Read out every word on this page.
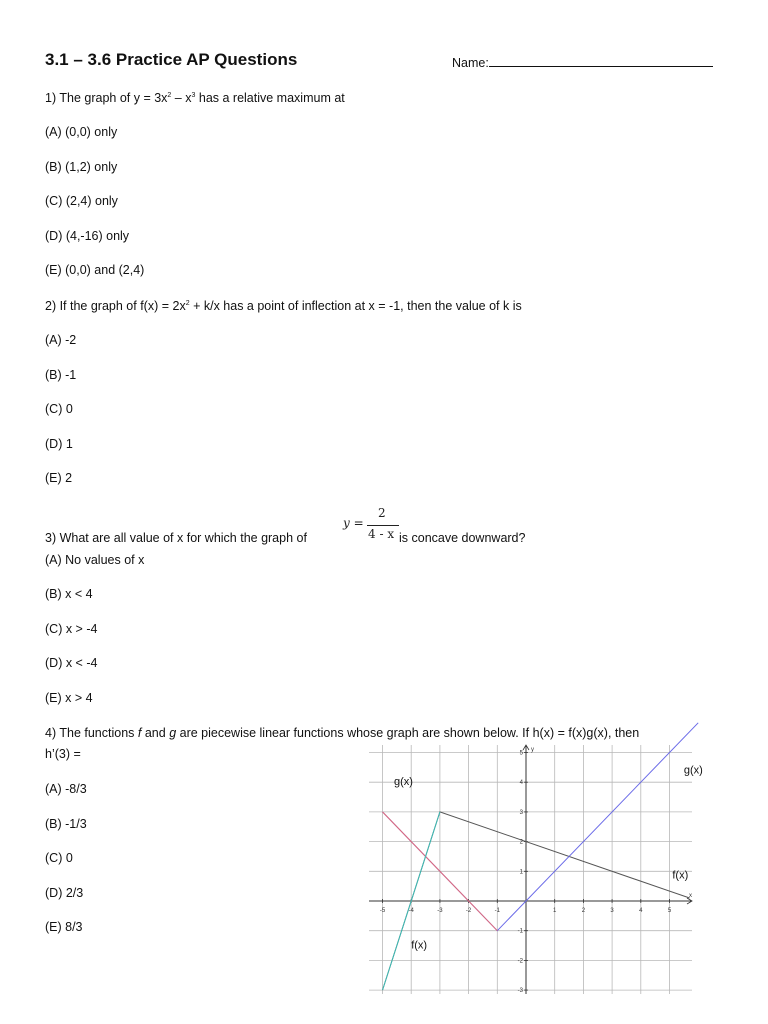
3.1 – 3.6 Practice AP Questions	Name:
1) The graph of $y = 3x^2 - x^3$ has a relative maximum at
(A) (0,0) only
(B) (1,2) only
(C) (2,4) only
(D) (4,-16) only
(E) (0,0) and (2,4)
2) If the graph of $f(x) = 2x^2 + k/x$ has a point of inflection at x = -1, then the value of k is
(A) -2
(B) -1
(C) 0
(D) 1
(E) 2
3) What are all value of x for which the graph of
y =
2
4 - x is concave downward?
(A) No values of x
(B) x < 4
(C) x > -4
(D) x < -4
(E) x > 4
4) The functions f and g are piecewise linear functions whose graph are shown below. If h(x) = f(x)g(x), then
h’(3) =
(A) -8/3
(B) -1/3
(C) 0
(D) 2/3
(E) 8/3
x
y
-5	-4	-3	-2	-1	1	2	3	4	5
-3
-2
-1
1
2
3
4
5
g(x)
f(x)
g(x)
f(x)
